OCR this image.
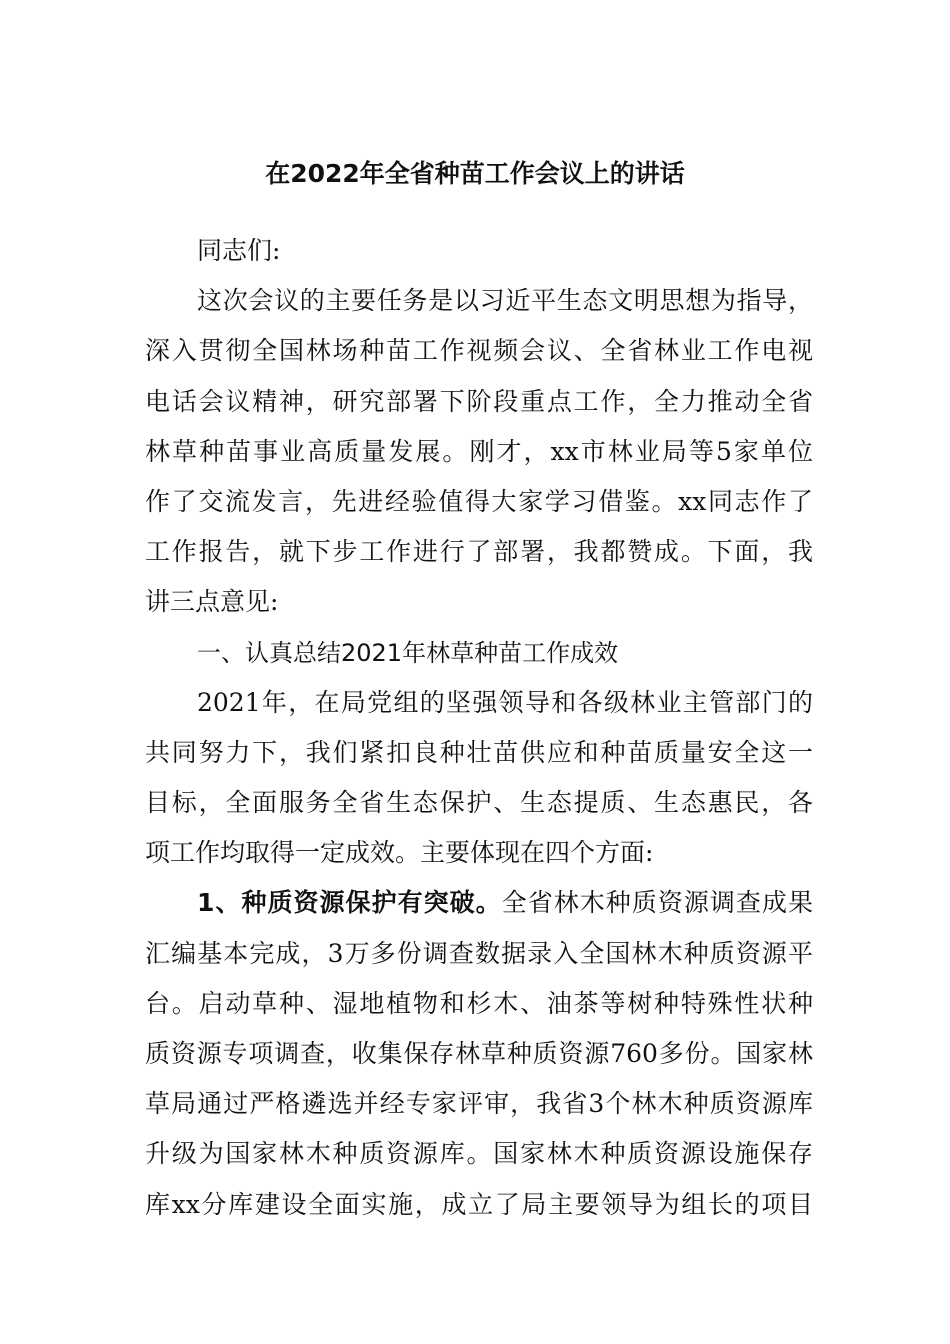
在2022年全省种苗工作会议上的讲话
同志们:
这次会议的主要任务是以习近平生态文明思想为指导，
深入贯彻全国林场种苗工作视频会议、全省林业工作电视
电话会议精神，研究部署下阶段重点工作，全力推动全省
林草种苗事业高质量发展。刚才，xx市林业局等5家单位
作了交流发言，先进经验值得大家学习借鉴。xx同志作了
工作报告，就下步工作进行了部署，我都赞成。下面，我
讲三点意见:
一、认真总结2021年林草种苗工作成效
2021年，在局党组的坚强领导和各级林业主管部门的
共同努力下，我们紧扣良种壮苗供应和种苗质量安全这一
目标，全面服务全省生态保护、生态提质、生态惠民，各
项工作均取得一定成效。主要体现在四个方面:
1、种质资源保护有突破。全省林木种质资源调查成果
汇编基本完成，3万多份调查数据录入全国林木种质资源平
台。启动草种、湿地植物和杉木、油茶等树种特殊性状种
质资源专项调查，收集保存林草种质资源760多份。国家林
草局通过严格遴选并经专家评审，我省3个林木种质资源库
升级为国家林木种质资源库。国家林木种质资源设施保存
库xx分库建设全面实施，成立了局主要领导为组长的项目
